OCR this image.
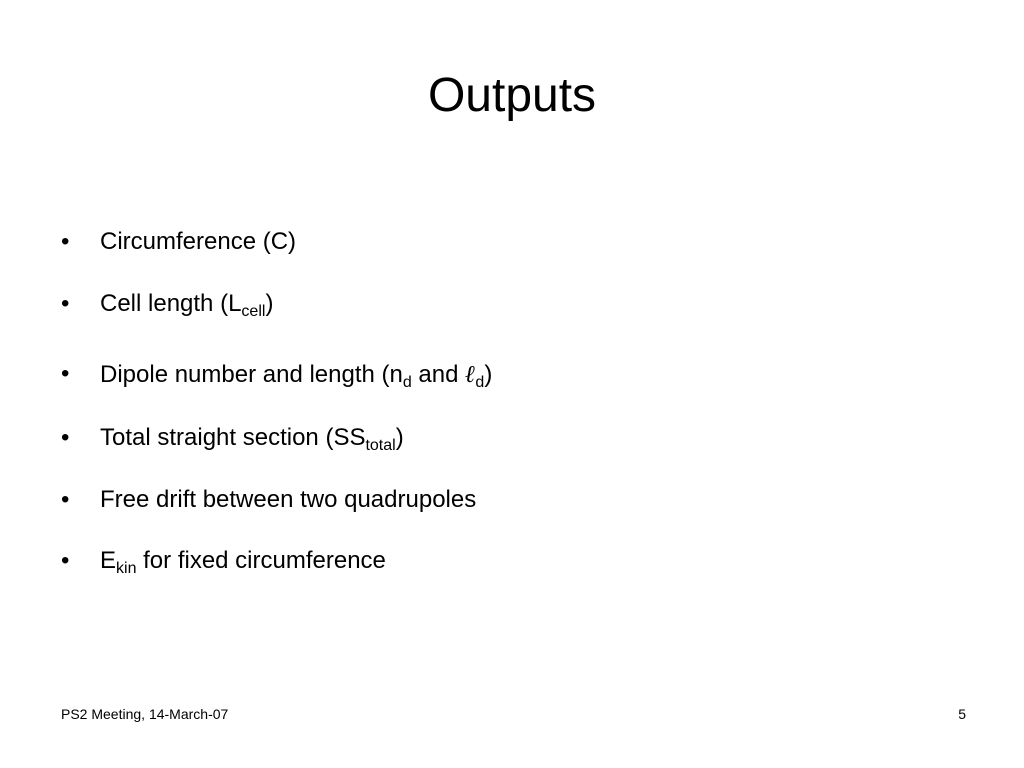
Outputs
•	Circumference (C)
•	Cell length $(L_{cell})$
•	Dipole number and length ($n_d$ and ℓ$_d$)
•	Total straight section $(SS_{total})$
•	Free drift between two quadrupoles
•	$E_{kin}$ for fixed circumference
PS2 Meeting, 14-March-07	5
